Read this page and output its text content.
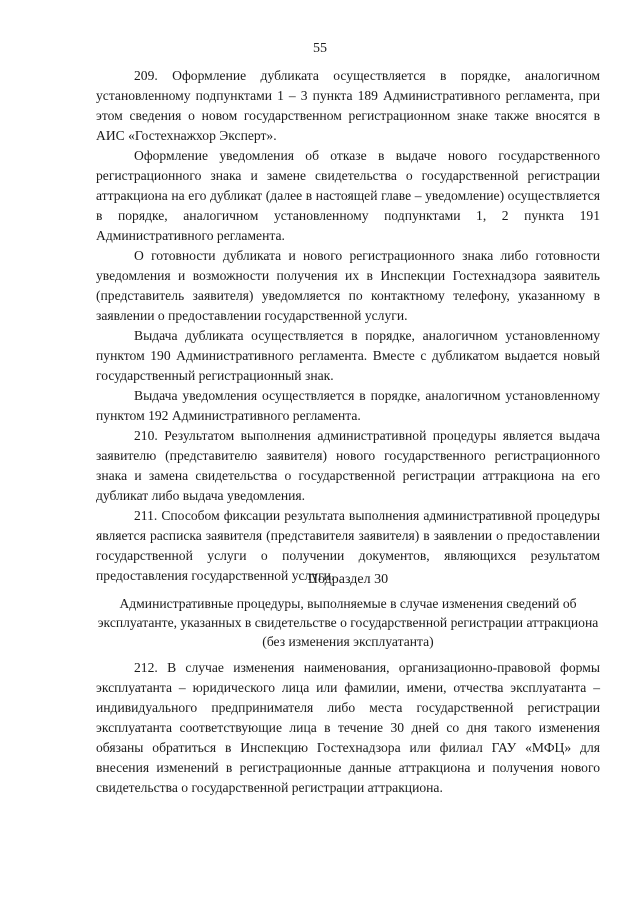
55

209. Оформление дубликата осуществляется в порядке, аналогичном установленному подпунктами 1 – 3 пункта 189 Административного регламента, при этом сведения о новом государственном регистрационном знаке также вносятся в АИС «Гостехнажхор Эксперт».

Оформление уведомления об отказе в выдаче нового государственного регистрационного знака и замене свидетельства о государственной регистрации аттракциона на его дубликат (далее в настоящей главе – уведомление) осуществляется в порядке, аналогичном установленному подпунктами 1, 2 пункта 191 Административного регламента.

О готовности дубликата и нового регистрационного знака либо готовности уведомления и возможности получения их в Инспекции Гостехнадзора заявитель (представитель заявителя) уведомляется по контактному телефону, указанному в заявлении о предоставлении государственной услуги.

Выдача дубликата осуществляется в порядке, аналогичном установленному пунктом 190 Административного регламента. Вместе с дубликатом выдается новый государственный регистрационный знак.

Выдача уведомления осуществляется в порядке, аналогичном установленному пунктом 192 Административного регламента.

210. Результатом выполнения административной процедуры является выдача заявителю (представителю заявителя) нового государственного регистрационного знака и замена свидетельства о государственной регистрации аттракциона на его дубликат либо выдача уведомления.

211. Способом фиксации результата выполнения административной процедуры является расписка заявителя (представителя заявителя) в заявлении о предоставлении государственной услуги о получении документов, являющихся результатом предоставления государственной услуги.

Подраздел 30

Административные процедуры, выполняемые в случае изменения сведений об эксплуатанте, указанных в свидетельстве о государственной регистрации аттракциона (без изменения эксплуатанта)

212. В случае изменения наименования, организационно-правовой формы эксплуатанта – юридического лица или фамилии, имени, отчества эксплуатанта – индивидуального предпринимателя либо места государственной регистрации эксплуатанта соответствующие лица в течение 30 дней со дня такого изменения обязаны обратиться в Инспекцию Гостехнадзора или филиал ГАУ «МФЦ» для внесения изменений в регистрационные данные аттракциона и получения нового свидетельства о государственной регистрации аттракциона.
